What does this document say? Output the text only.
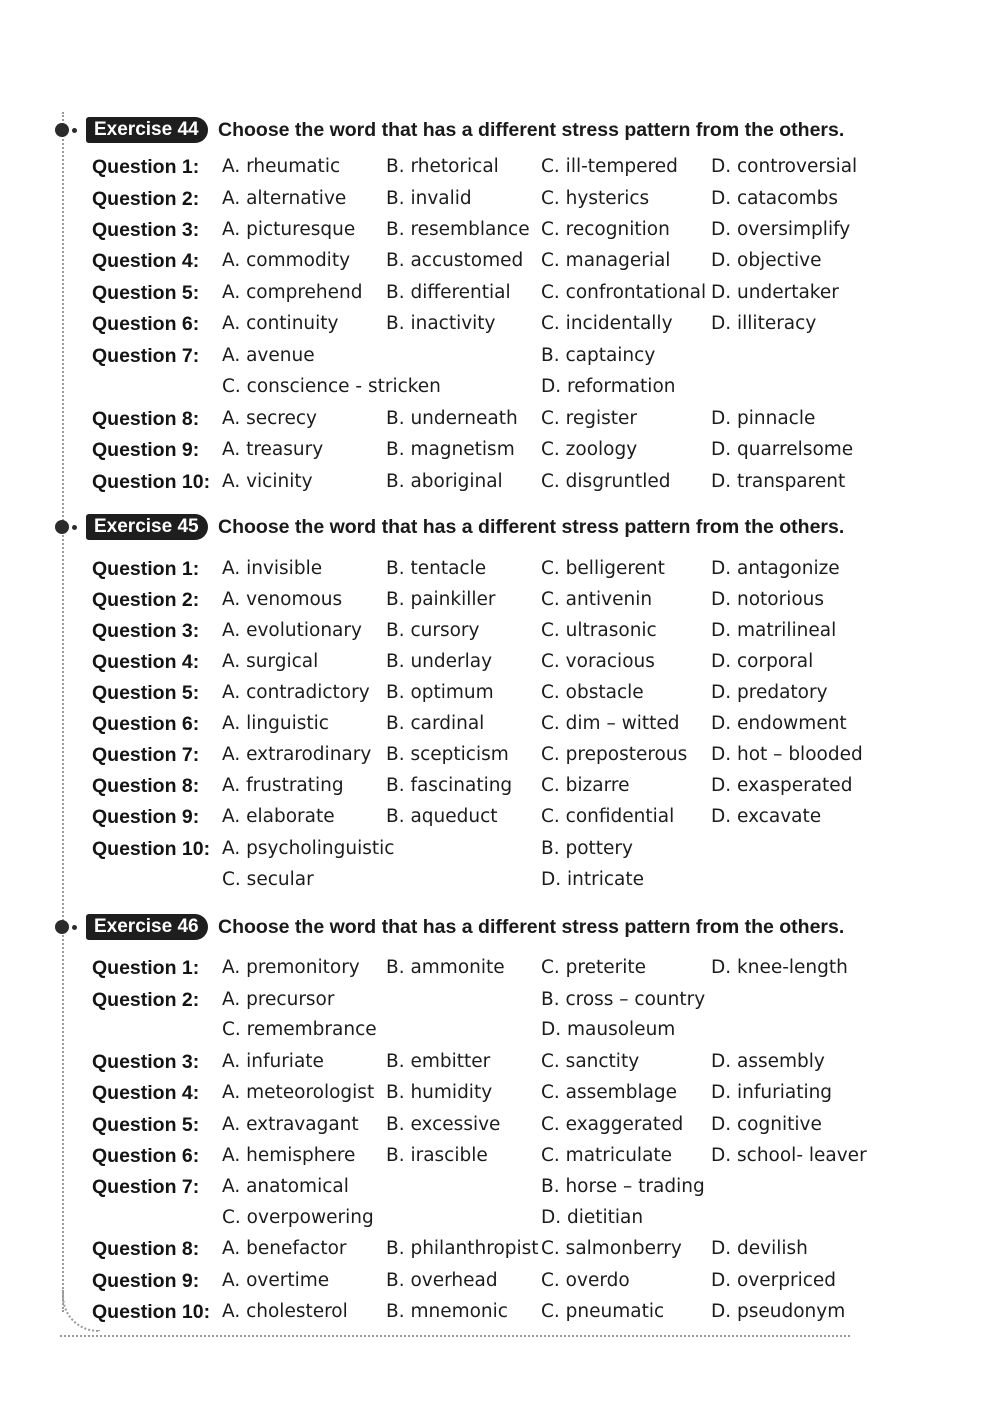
Exercise 44 Choose the word that has a different stress pattern from the others.
Question 1: A. rheumatic B. rhetorical C. ill-tempered D. controversial
Question 2: A. alternative B. invalid	C. hysterics	D. catacombs
Question 3: A. picturesque B. resemblance C. recognition D. oversimplify
Question 4: A. commodity B. accustomed C. managerial D. objective
Question 5: A. comprehend B. differential C. confrontational D. undertaker
Question 6: A. continuity	B. inactivity C. incidentally D. illiteracy
Question 7: A. avenue	B. captaincy
C. conscience - stricken	D. reformation
Question 8: A. secrecy	B. underneath C. register	D. pinnacle
Question 9: A. treasury	B. magnetism C. zoology	D. quarrelsome
Question 10: A. vicinity	B. aboriginal C. disgruntled D. transparent
Exercise 45 Choose the word that has a different stress pattern from the others.
Question 1: A. invisible	B. tentacle	C. belligerent D. antagonize
Question 2: A. venomous B. painkiller C. antivenin	D. notorious
Question 3: A. evolutionary B. cursory	C. ultrasonic	D. matrilineal
Question 4: A. surgical	B. underlay	C. voracious	D. corporal
Question 5: A. contradictory B. optimum	C. obstacle	D. predatory
Question 6: A. linguistic	B. cardinal	C. dim – witted D. endowment
Question 7: A. extrarodinary B. scepticism C. preposterous D. hot – blooded
Question 8: A. frustrating B. fascinating C. bizarre	D. exasperated
Question 9: A. elaborate	B. aqueduct C. confidential D. excavate
Question 10: A. psycholinguistic	B. pottery
C. secular	D. intricate
Exercise 46 Choose the word that has a different stress pattern from the others.
Question 1: A. premonitory B. ammonite C. preterite	D. knee-length
Question 2: A. precursor	B. cross – country
C. remembrance	D. mausoleum
Question 3: A. infuriate	B. embitter	C. sanctity	D. assembly
Question 4: A. meteorologist B. humidity	C. assemblage D. infuriating
Question 5: A. extravagant B. excessive C. exaggerated D. cognitive
Question 6: A. hemisphere B. irascible	C. matriculate D. school- leaver
Question 7: A. anatomical	B. horse – trading
C. overpowering	D. dietitian
Question 8: A. benefactor B. philanthropist C. salmonberry D. devilish
Question 9: A. overtime	B. overhead C. overdo	D. overpriced
Question 10: A. cholesterol B. mnemonic C. pneumatic	D. pseudonym
